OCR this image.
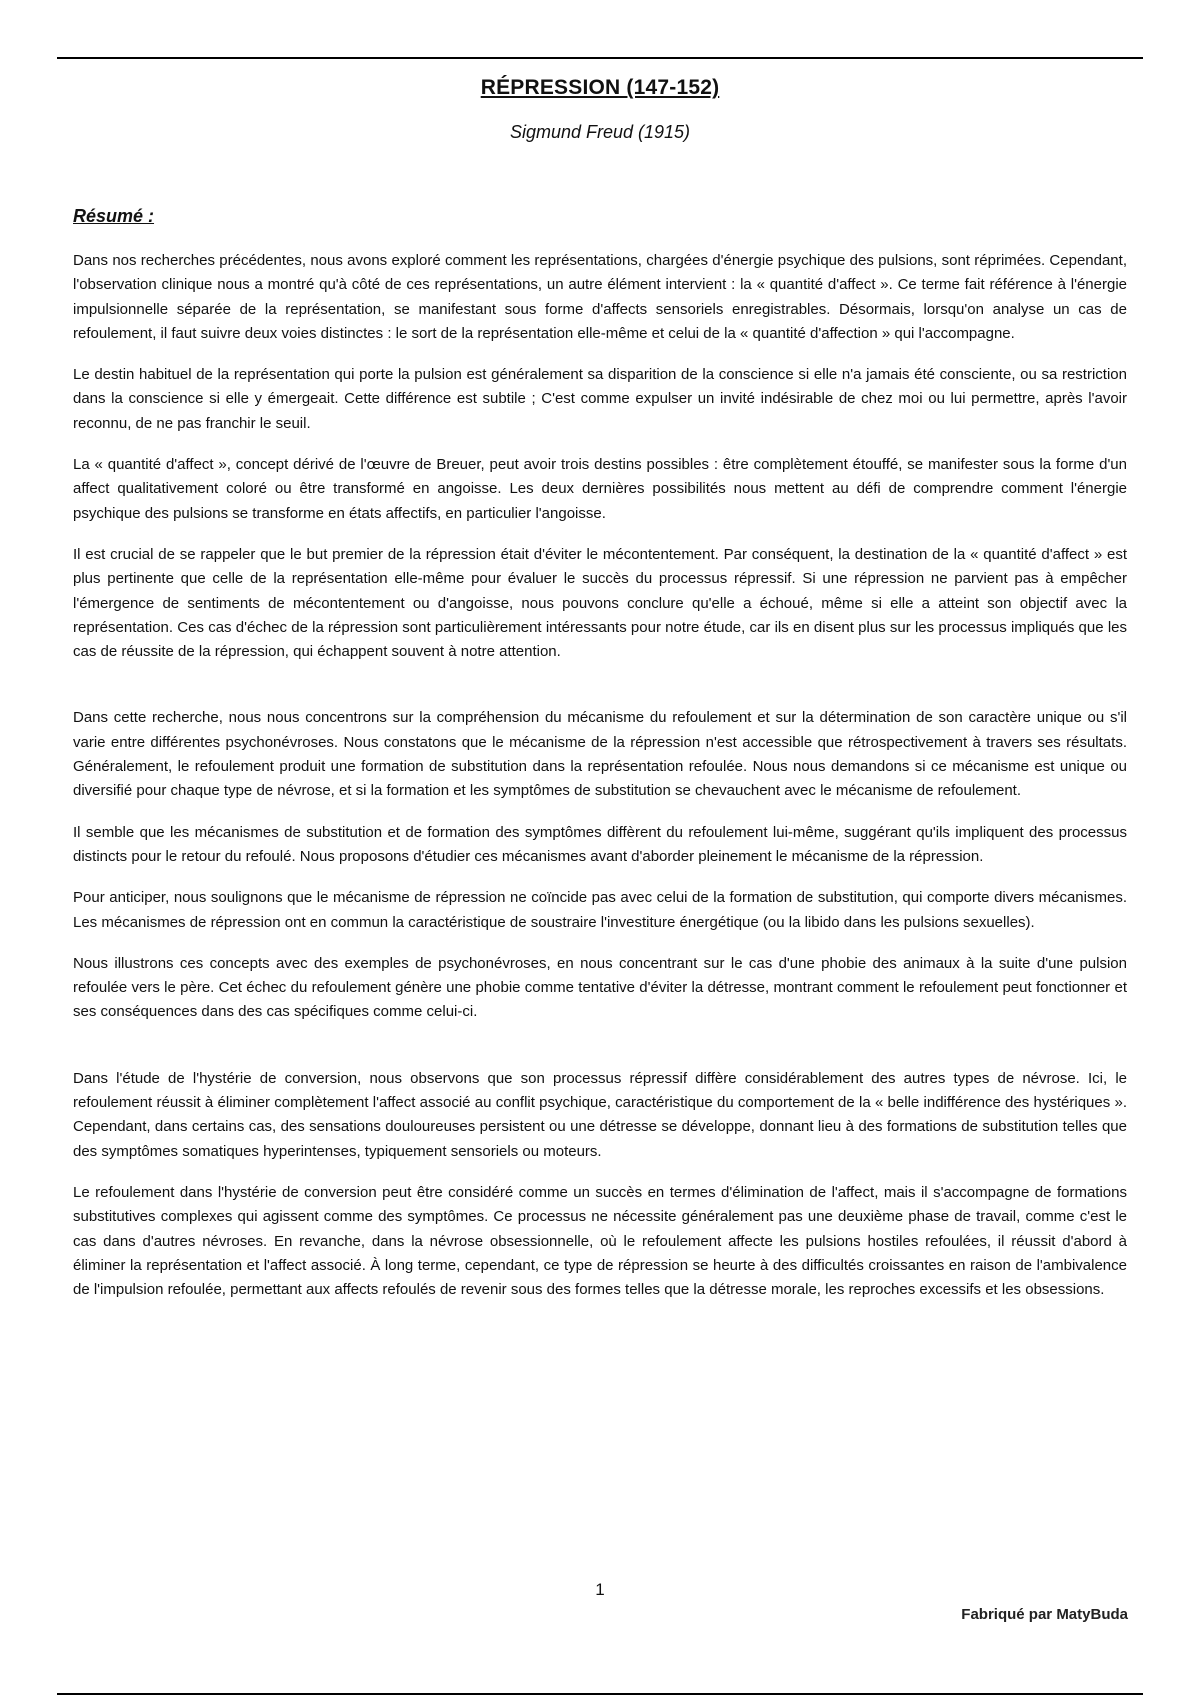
RÉPRESSION (147-152)
Sigmund Freud (1915)
Résumé :

Dans nos recherches précédentes, nous avons exploré comment les représentations, chargées d'énergie psychique des pulsions, sont réprimées. Cependant, l'observation clinique nous a montré qu'à côté de ces représentations, un autre élément intervient : la « quantité d'affect ». Ce terme fait référence à l'énergie impulsionnelle séparée de la représentation, se manifestant sous forme d'affects sensoriels enregistrables. Désormais, lorsqu'on analyse un cas de refoulement, il faut suivre deux voies distinctes : le sort de la représentation elle-même et celui de la « quantité d'affection » qui l'accompagne.

Le destin habituel de la représentation qui porte la pulsion est généralement sa disparition de la conscience si elle n'a jamais été consciente, ou sa restriction dans la conscience si elle y émergeait. Cette différence est subtile ; C'est comme expulser un invité indésirable de chez moi ou lui permettre, après l'avoir reconnu, de ne pas franchir le seuil.

La « quantité d'affect », concept dérivé de l'œuvre de Breuer, peut avoir trois destins possibles : être complètement étouffé, se manifester sous la forme d'un affect qualitativement coloré ou être transformé en angoisse. Les deux dernières possibilités nous mettent au défi de comprendre comment l'énergie psychique des pulsions se transforme en états affectifs, en particulier l'angoisse.

Il est crucial de se rappeler que le but premier de la répression était d'éviter le mécontentement. Par conséquent, la destination de la « quantité d'affect » est plus pertinente que celle de la représentation elle-même pour évaluer le succès du processus répressif. Si une répression ne parvient pas à empêcher l'émergence de sentiments de mécontentement ou d'angoisse, nous pouvons conclure qu'elle a échoué, même si elle a atteint son objectif avec la représentation. Ces cas d'échec de la répression sont particulièrement intéressants pour notre étude, car ils en disent plus sur les processus impliqués que les cas de réussite de la répression, qui échappent souvent à notre attention.

Dans cette recherche, nous nous concentrons sur la compréhension du mécanisme du refoulement et sur la détermination de son caractère unique ou s'il varie entre différentes psychonévroses. Nous constatons que le mécanisme de la répression n'est accessible que rétrospectivement à travers ses résultats. Généralement, le refoulement produit une formation de substitution dans la représentation refoulée. Nous nous demandons si ce mécanisme est unique ou diversifié pour chaque type de névrose, et si la formation et les symptômes de substitution se chevauchent avec le mécanisme de refoulement.

Il semble que les mécanismes de substitution et de formation des symptômes diffèrent du refoulement lui-même, suggérant qu'ils impliquent des processus distincts pour le retour du refoulé. Nous proposons d'étudier ces mécanismes avant d'aborder pleinement le mécanisme de la répression.

Pour anticiper, nous soulignons que le mécanisme de répression ne coïncide pas avec celui de la formation de substitution, qui comporte divers mécanismes. Les mécanismes de répression ont en commun la caractéristique de soustraire l'investiture énergétique (ou la libido dans les pulsions sexuelles).

Nous illustrons ces concepts avec des exemples de psychonévroses, en nous concentrant sur le cas d'une phobie des animaux à la suite d'une pulsion refoulée vers le père. Cet échec du refoulement génère une phobie comme tentative d'éviter la détresse, montrant comment le refoulement peut fonctionner et ses conséquences dans des cas spécifiques comme celui-ci.

Dans l'étude de l'hystérie de conversion, nous observons que son processus répressif diffère considérablement des autres types de névrose. Ici, le refoulement réussit à éliminer complètement l'affect associé au conflit psychique, caractéristique du comportement de la « belle indifférence des hystériques ». Cependant, dans certains cas, des sensations douloureuses persistent ou une détresse se développe, donnant lieu à des formations de substitution telles que des symptômes somatiques hyperintenses, typiquement sensoriels ou moteurs.

Le refoulement dans l'hystérie de conversion peut être considéré comme un succès en termes d'élimination de l'affect, mais il s'accompagne de formations substitutives complexes qui agissent comme des symptômes. Ce processus ne nécessite généralement pas une deuxième phase de travail, comme c'est le cas dans d'autres névroses. En revanche, dans la névrose obsessionnelle, où le refoulement affecte les pulsions hostiles refoulées, il réussit d'abord à éliminer la représentation et l'affect associé. À long terme, cependant, ce type de répression se heurte à des difficultés croissantes en raison de l'ambivalence de l'impulsion refoulée, permettant aux affects refoulés de revenir sous des formes telles que la détresse morale, les reproches excessifs et les obsessions.

1
Fabriqué par MatyBuda
